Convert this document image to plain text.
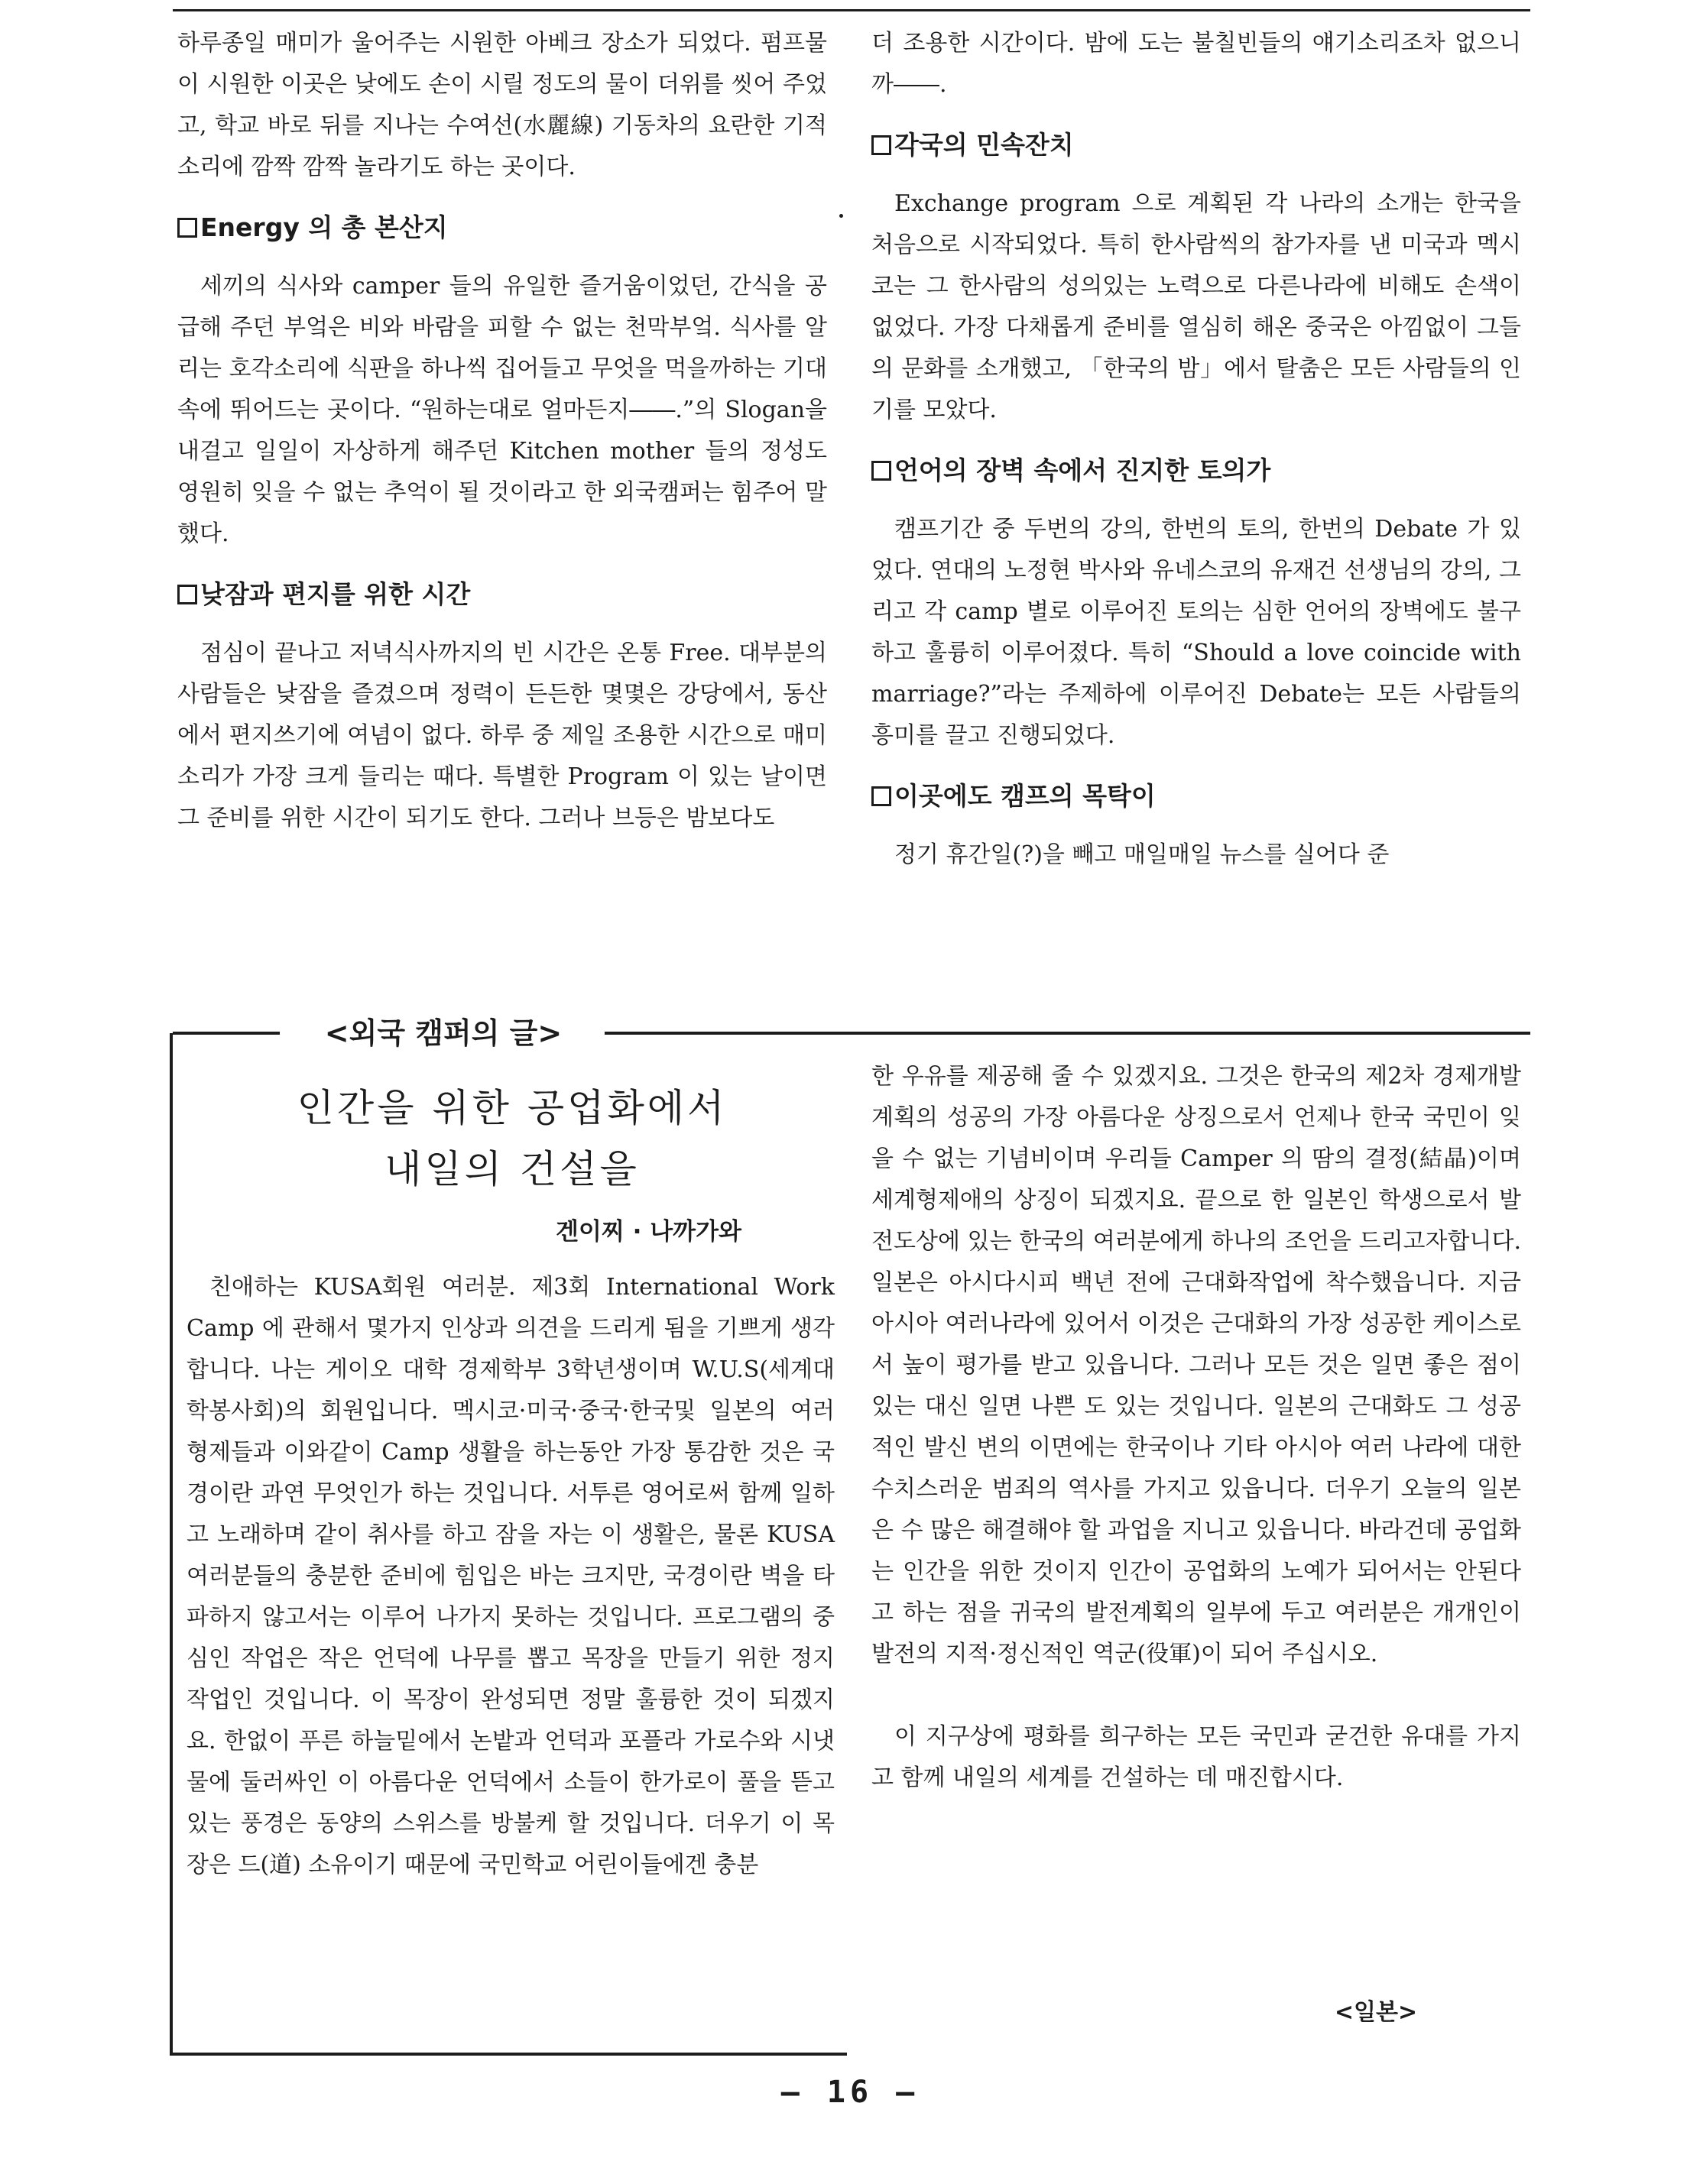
하루종일 매미가 울어주는 시원한 아베크 장소가 되었다. 펌프물이 시원한 이곳은 낮에도 손이 시릴 정도의 물이 더위를 씻어 주었고, 학교 바로 뒤를 지나는 수여선(水麗線) 기동차의 요란한 기적소리에 깜짝 깜짝 놀라기도 하는 곳이다.

Energy 의 총 본산지

세끼의 식사와 camper 들의 유일한 즐거움이었던, 간식을 공급해 주던 부엌은 비와 바람을 피할 수 없는 천막부엌. 식사를 알리는 호각소리에 식판을 하나씩 집어들고 무엇을 먹을까하는 기대 속에 뛰어드는 곳이다. “원하는대로 얼마든지――.”의 Slogan을 내걸고 일일이 자상하게 해주던 Kitchen mother 들의 정성도 영원히 잊을 수 없는 추억이 될 것이라고 한 외국캠퍼는 힘주어 말했다.

낮잠과 편지를 위한 시간

점심이 끝나고 저녁식사까지의 빈 시간은 온통 Free. 대부분의 사람들은 낮잠을 즐겼으며 정력이 든든한 몇몇은 강당에서, 동산에서 편지쓰기에 여념이 없다. 하루 중 제일 조용한 시간으로 매미소리가 가장 크게 들리는 때다. 특별한 Program 이 있는 날이면 그 준비를 위한 시간이 되기도 한다. 그러나 브등은 밤보다도

더 조용한 시간이다. 밤에 도는 불칠빈들의 얘기소리조차 없으니까――.

각국의 민속잔치

Exchange program 으로 계획된 각 나라의 소개는 한국을 처음으로 시작되었다. 특히 한사람씩의 참가자를 낸 미국과 멕시코는 그 한사람의 성의있는 노력으로 다른나라에 비해도 손색이 없었다. 가장 다채롭게 준비를 열심히 해온 중국은 아낌없이 그들의 문화를 소개했고, 「한국의 밤」에서 탈춤은 모든 사람들의 인기를 모았다.

언어의 장벽 속에서 진지한 토의가

캠프기간 중 두번의 강의, 한번의 토의, 한번의 Debate 가 있었다. 연대의 노정현 박사와 유네스코의 유재건 선생님의 강의, 그리고 각 camp 별로 이루어진 토의는 심한 언어의 장벽에도 불구하고 훌륭히 이루어졌다. 특히 “Should a love coincide with marriage?”라는 주제하에 이루어진 Debate는 모든 사람들의 흥미를 끌고 진행되었다.

이곳에도 캠프의 목탁이

정기 휴간일(?)을 빼고 매일매일 뉴스를 실어다 준

<외국 캠퍼의 글>
인간을 위한 공업화에서
내일의 건설을
겐이찌 · 나까가와

친애하는 KUSA회원 여러분. 제3회 International Work Camp 에 관해서 몇가지 인상과 의견을 드리게 됨을 기쁘게 생각합니다. 나는 게이오 대학 경제학부 3학년생이며 W.U.S(세계대학봉사회)의 회원입니다. 멕시코·미국·중국·한국및 일본의 여러 형제들과 이와같이 Camp 생활을 하는동안 가장 통감한 것은 국경이란 과연 무엇인가 하는 것입니다. 서투른 영어로써 함께 일하고 노래하며 같이 취사를 하고 잠을 자는 이 생활은, 물론 KUSA 여러분들의 충분한 준비에 힘입은 바는 크지만, 국경이란 벽을 타파하지 않고서는 이루어 나가지 못하는 것입니다. 프로그램의 중심인 작업은 작은 언덕에 나무를 뽑고 목장을 만들기 위한 정지 작업인 것입니다. 이 목장이 완성되면 정말 훌륭한 것이 되겠지요. 한없이 푸른 하늘밑에서 논밭과 언덕과 포플라 가로수와 시냇물에 둘러싸인 이 아름다운 언덕에서 소들이 한가로이 풀을 뜯고 있는 풍경은 동양의 스위스를 방불케 할 것입니다. 더우기 이 목장은 드(道) 소유이기 때문에 국민학교 어린이들에겐 충분

한 우유를 제공해 줄 수 있겠지요. 그것은 한국의 제2차 경제개발 계획의 성공의 가장 아름다운 상징으로서 언제나 한국 국민이 잊을 수 없는 기념비이며 우리들 Camper 의 땀의 결정(結晶)이며 세계형제애의 상징이 되겠지요. 끝으로 한 일본인 학생으로서 발전도상에 있는 한국의 여러분에게 하나의 조언을 드리고자합니다. 일본은 아시다시피 백년 전에 근대화작업에 착수했읍니다. 지금 아시아 여러나라에 있어서 이것은 근대화의 가장 성공한 케이스로서 높이 평가를 받고 있읍니다. 그러나 모든 것은 일면 좋은 점이 있는 대신 일면 나쁜 도 있는 것입니다. 일본의 근대화도 그 성공적인 발신 변의 이면에는 한국이나 기타 아시아 여러 나라에 대한 수치스러운 범죄의 역사를 가지고 있읍니다. 더우기 오늘의 일본은 수 많은 해결해야 할 과업을 지니고 있읍니다. 바라건데 공업화는 인간을 위한 것이지 인간이 공업화의 노예가 되어서는 안된다고 하는 점을 귀국의 발전계획의 일부에 두고 여러분은 개개인이 발전의 지적·정신적인 역군(役軍)이 되어 주십시오.

이 지구상에 평화를 희구하는 모든 국민과 굳건한 유대를 가지고 함께 내일의 세계를 건설하는 데 매진합시다.

<일본>
— 16 —
